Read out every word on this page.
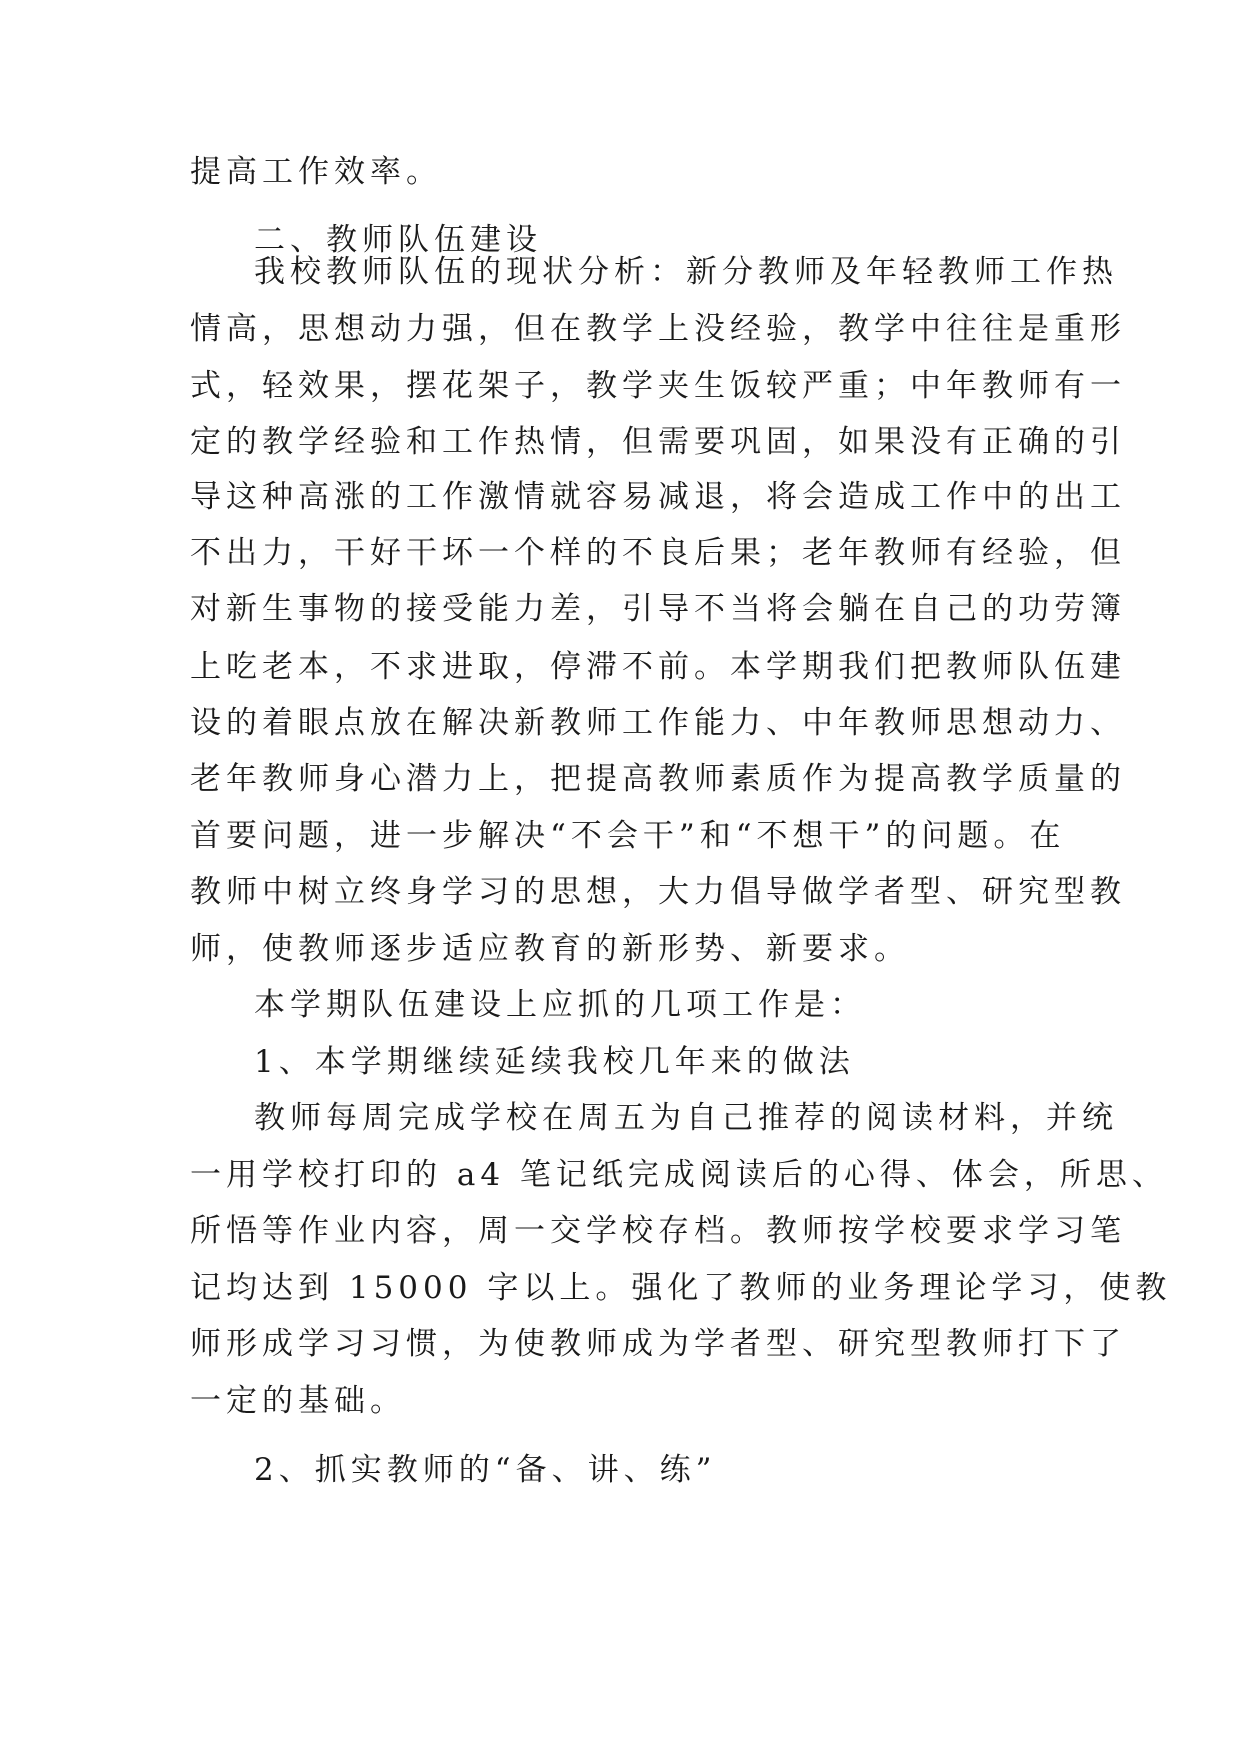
提高工作效率。
二、教师队伍建设
我校教师队伍的现状分析：新分教师及年轻教师工作热
情高，思想动力强，但在教学上没经验，教学中往往是重形
式，轻效果，摆花架子，教学夹生饭较严重；中年教师有一
定的教学经验和工作热情，但需要巩固，如果没有正确的引
导这种高涨的工作激情就容易减退，将会造成工作中的出工
不出力，干好干坏一个样的不良后果；老年教师有经验，但
对新生事物的接受能力差，引导不当将会躺在自己的功劳簿
上吃老本，不求进取，停滞不前。本学期我们把教师队伍建
设的着眼点放在解决新教师工作能力、中年教师思想动力、
老年教师身心潜力上，把提高教师素质作为提高教学质量的
首要问题，进一步解决“不会干”和“不想干”的问题。在
教师中树立终身学习的思想，大力倡导做学者型、研究型教
师，使教师逐步适应教育的新形势、新要求。
本学期队伍建设上应抓的几项工作是：
1、本学期继续延续我校几年来的做法
教师每周完成学校在周五为自己推荐的阅读材料，并统
一用学校打印的 a4 笔记纸完成阅读后的心得、体会，所思、
所悟等作业内容，周一交学校存档。教师按学校要求学习笔
记均达到 15000 字以上。强化了教师的业务理论学习，使教
师形成学习习惯，为使教师成为学者型、研究型教师打下了
一定的基础。
2、抓实教师的“备、讲、练”
